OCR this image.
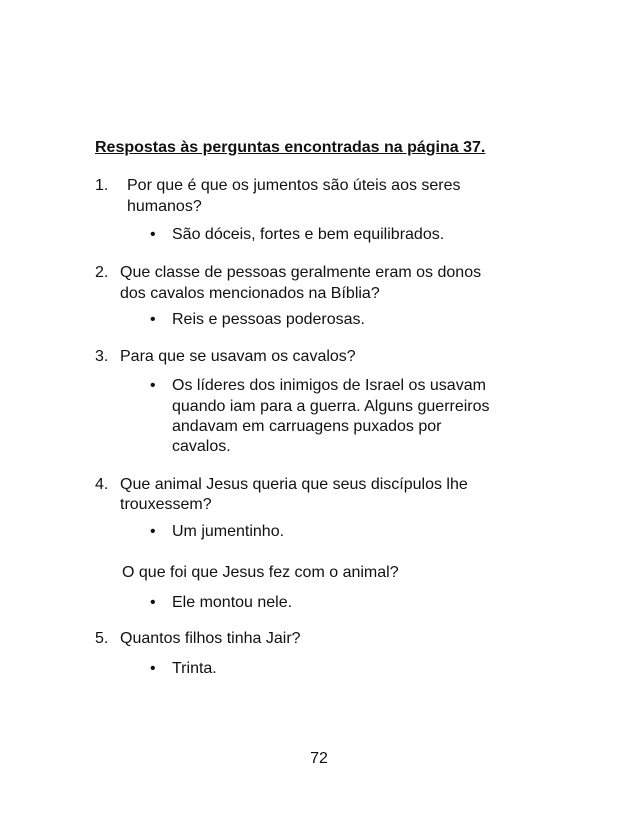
Respostas às perguntas encontradas na página 37.
1. Por que é que os jumentos são úteis aos seres
humanos?
• São dóceis, fortes e bem equilibrados.
2. Que classe de pessoas geralmente eram os donos
dos cavalos mencionados na Bíblia?
• Reis e pessoas poderosas.
3. Para que se usavam os cavalos?
• Os líderes dos inimigos de Israel os usavam
quando iam para a guerra. Alguns guerreiros
andavam em carruagens puxados por
cavalos.
4. Que animal Jesus queria que seus discípulos lhe
trouxessem?
• Um jumentinho.
O que foi que Jesus fez com o animal?
• Ele montou nele.
5. Quantos filhos tinha Jair?
• Trinta.
72
